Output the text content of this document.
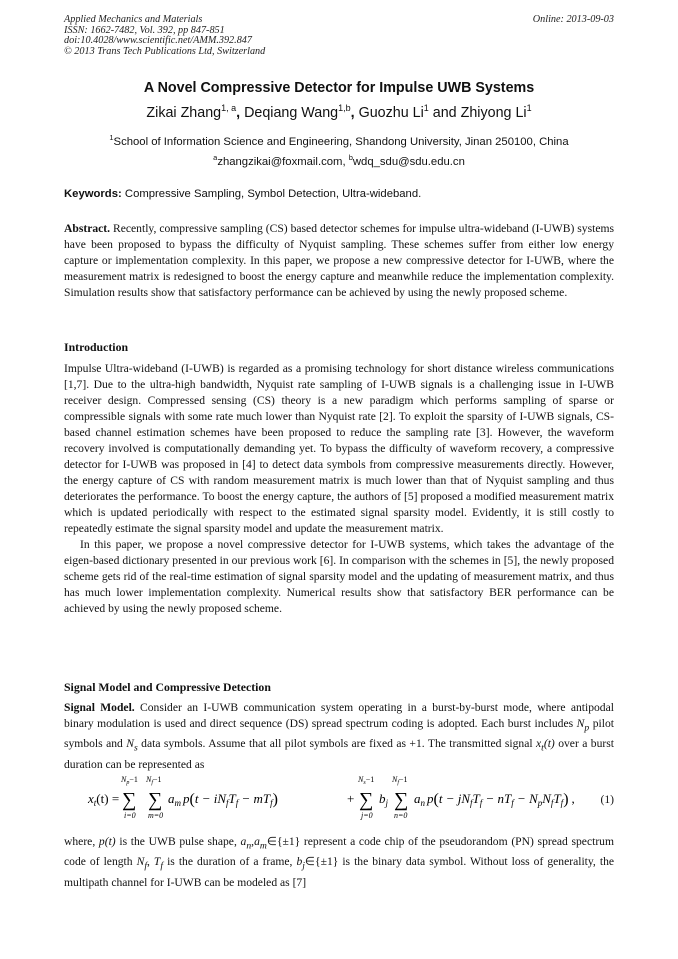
Applied Mechanics and Materials
ISSN: 1662-7482, Vol. 392, pp 847-851
doi:10.4028/www.scientific.net/AMM.392.847
© 2013 Trans Tech Publications Ltd, Switzerland
Online: 2013-09-03
A Novel Compressive Detector for Impulse UWB Systems
Zikai Zhang$^{1, a}$, Deqiang Wang$^{1,b}$, Guozhu Li$^1$ and Zhiyong Li$^1$
$^1$School of Information Science and Engineering, Shandong University, Jinan 250100, China
$^a$zhangzikai@foxmail.com, $^b$wdq_sdu@sdu.edu.cn
Keywords: Compressive Sampling, Symbol Detection, Ultra-wideband.

Abstract. Recently, compressive sampling (CS) based detector schemes for impulse ultra-wideband (I-UWB) systems have been proposed to bypass the difficulty of Nyquist sampling. These schemes suffer from either low energy capture or implementation complexity. In this paper, we propose a new compressive detector for I-UWB, where the measurement matrix is redesigned to boost the energy capture and meanwhile reduce the implementation complexity. Simulation results show that satisfactory performance can be achieved by using the newly proposed scheme.

Introduction

Impulse Ultra-wideband (I-UWB) is regarded as a promising technology for short distance wireless communications [1,7]. Due to the ultra-high bandwidth, Nyquist rate sampling of I-UWB signals is a challenging issue in I-UWB receiver design. Compressed sensing (CS) theory is a new paradigm which performs sampling of sparse or compressible signals with some rate much lower than Nyquist rate [2]. To exploit the sparsity of I-UWB signals, CS-based channel estimation schemes have been proposed to reduce the sampling rate [3]. However, the waveform recovery involved is computationally demanding yet. To bypass the difficulty of waveform recovery, a compressive detector for I-UWB was proposed in [4] to detect data symbols from compressive measurements directly. However, the energy capture of CS with random measurement matrix is much lower than that of Nyquist sampling and thus deteriorates the performance. To boost the energy capture, the authors of [5] proposed a modified measurement matrix which is updated periodically with respect to the estimated signal sparsity model. Evidently, it is still costly to repeatedly estimate the signal sparsity model and update the measurement matrix.

In this paper, we propose a novel compressive detector for I-UWB systems, which takes the advantage of the eigen-based dictionary presented in our previous work [6]. In comparison with the schemes in [5], the newly proposed scheme gets rid of the real-time estimation of signal sparsity model and the updating of measurement matrix, and thus has much lower implementation complexity. Numerical results show that satisfactory BER performance can be achieved by using the newly proposed scheme.

Signal Model and Compressive Detection

Signal Model. Consider an I-UWB communication system operating in a burst-by-burst mode, where antipodal binary modulation is used and direct sequence (DS) spread spectrum coding is adopted. Each burst includes $N_p$ pilot symbols and $N_s$ data symbols. Assume that all pilot symbols are fixed as +1. The transmitted signal $x_t(t)$ over a burst duration can be represented as

$x_t(t)$ =
$N_p-1$
∑
i=0
$N_f-1$
∑
m=0
$a_m$ $p(t - iN_fT_f - mT_f)$	+
$N_s-1$
∑
j=0
$b_j$
$N_f-1$
∑
n=0
$a_n$ $p(t - jN_fT_f - nT_f - N_pN_fT_f)$ , (1)

where, p(t) is the UWB pulse shape, $a_n,a_m\in\{\pm 1\}$ represent a code chip of the pseudorandom (PN) spread spectrum code of length $N_f$, $T_f$ is the duration of a frame, $b_j\in\{\pm 1\}$ is the binary data symbol. Without loss of generality, the multipath channel for I-UWB can be modeled as [7]
